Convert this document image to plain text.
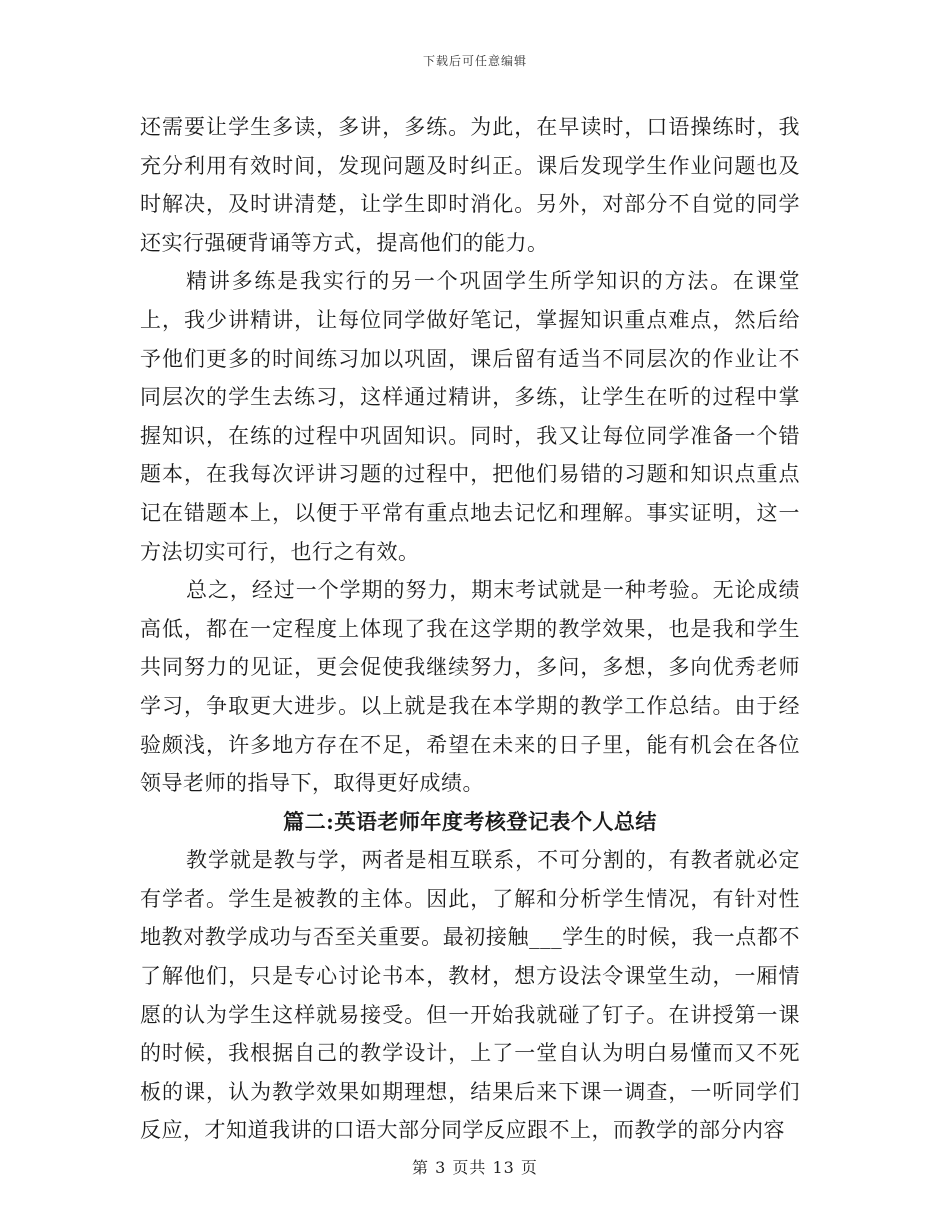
下载后可任意编辑

还需要让学生多读，多讲，多练。为此，在早读时，口语操练时，我充分利用有效时间，发现问题及时纠正。课后发现学生作业问题也及时解决，及时讲清楚，让学生即时消化。另外，对部分不自觉的同学还实行强硬背诵等方式，提高他们的能力。

精讲多练是我实行的另一个巩固学生所学知识的方法。在课堂上，我少讲精讲，让每位同学做好笔记，掌握知识重点难点，然后给予他们更多的时间练习加以巩固，课后留有适当不同层次的作业让不同层次的学生去练习，这样通过精讲，多练，让学生在听的过程中掌握知识，在练的过程中巩固知识。同时，我又让每位同学准备一个错题本，在我每次评讲习题的过程中，把他们易错的习题和知识点重点记在错题本上，以便于平常有重点地去记忆和理解。事实证明，这一方法切实可行，也行之有效。

总之，经过一个学期的努力，期末考试就是一种考验。无论成绩高低，都在一定程度上体现了我在这学期的教学效果，也是我和学生共同努力的见证，更会促使我继续努力，多问，多想，多向优秀老师学习，争取更大进步。以上就是我在本学期的教学工作总结。由于经验颇浅，许多地方存在不足，希望在未来的日子里，能有机会在各位领导老师的指导下，取得更好成绩。

篇二:英语老师年度考核登记表个人总结

教学就是教与学，两者是相互联系，不可分割的，有教者就必定有学者。学生是被教的主体。因此，了解和分析学生情况，有针对性地教对教学成功与否至关重要。最初接触___学生的时候，我一点都不了解他们，只是专心讨论书本，教材，想方设法令课堂生动，一厢情愿的认为学生这样就易接受。但一开始我就碰了钉子。在讲授第一课的时候，我根据自己的教学设计，上了一堂自认为明白易懂而又不死板的课，认为教学效果如期理想，结果后来下课一调查，一听同学们反应，才知道我讲的口语大部分同学反应跟不上，而教学的部分内容

第 3 页共 13 页
